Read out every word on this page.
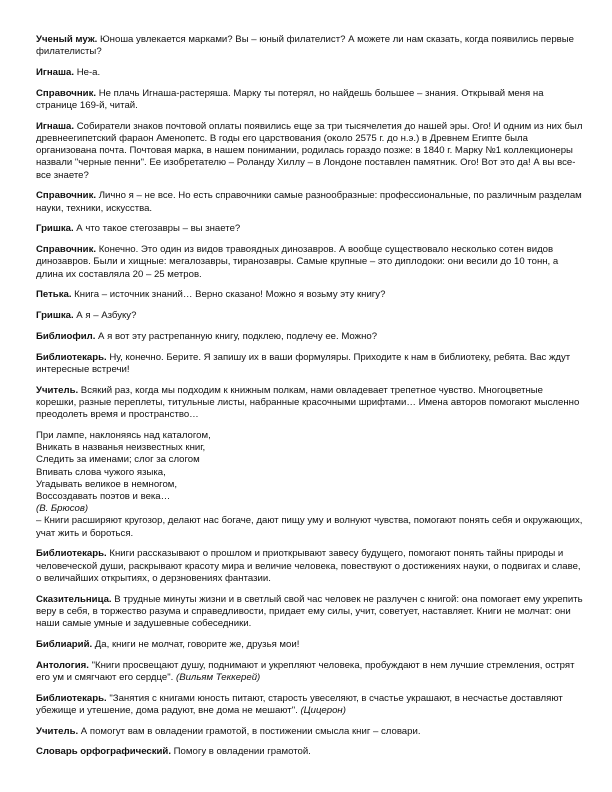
Ученый муж. Юноша увлекается марками? Вы – юный филателист? А можете ли нам сказать, когда появились первые филателисты?

Игнаша. Не-а.

Справочник. Не плачь Игнаша-растеряша. Марку ты потерял, но найдешь большее – знания. Открывай меня на странице 169-й, читай.

Игнаша. Собиратели знаков почтовой оплаты появились еще за три тысячелетия до нашей эры. Ого! И одним из них был древнеегипетский фараон Аменопетс. В годы его царствования (около 2575 г. до н.э.) в Древнем Египте была организована почта. Почтовая марка, в нашем понимании, родилась гораздо позже: в 1840 г. Марку №1 коллекционеры назвали "черные пенни". Ее изобретателю – Роланду Хиллу – в Лондоне поставлен памятник. Ого! Вот это да! А вы все-все знаете?

Справочник. Лично я – не все. Но есть справочники самые разнообразные: профессиональные, по различным разделам науки, техники, искусства.

Гришка. А что такое стегозавры – вы знаете?

Справочник. Конечно. Это один из видов травоядных динозавров. А вообще существовало несколько сотен видов динозавров. Были и хищные: мегалозавры, тиранозавры. Самые крупные – это диплодоки: они весили до 10 тонн, а длина их составляла 20 – 25 метров.

Петька. Книга – источник знаний… Верно сказано! Можно я возьму эту книгу?

Гришка. А я – Азбуку?

Библиофил. А я вот эту растрепанную книгу, подклею, подлечу ее. Можно?

Библиотекарь. Ну, конечно. Берите. Я запишу их в ваши формуляры. Приходите к нам в библиотеку, ребята. Вас ждут интересные встречи!

Учитель. Всякий раз, когда мы подходим к книжным полкам, нами овладевает трепетное чувство. Многоцветные корешки, разные переплеты, титульные листы, набранные красочными шрифтами… Имена авторов помогают мысленно преодолеть время и пространство…

При лампе, наклоняясь над каталогом,
Вникать в названья неизвестных книг,
Следить за именами; слог за слогом
Впивать слова чужого языка,
Угадывать великое в немногом,
Воссоздавать поэтов и века…
(В. Брюсов)
– Книги расширяют кругозор, делают нас богаче, дают пищу уму и волнуют чувства, помогают понять себя и окружающих, учат жить и бороться.

Библиотекарь. Книги рассказывают о прошлом и приоткрывают завесу будущего, помогают понять тайны природы и человеческой души, раскрывают красоту мира и величие человека, повествуют о достижениях науки, о подвигах и славе, о величайших открытиях, о дерзновениях фантазии.

Сказительница. В трудные минуты жизни и в светлый свой час человек не разлучен с книгой: она помогает ему укрепить веру в себя, в торжество разума и справедливости, придает ему силы, учит, советует, наставляет. Книги не молчат: они наши самые умные и задушевные собеседники.

Библиарий. Да, книги не молчат, говорите же, друзья мои!

Антология. "Книги просвещают душу, поднимают и укрепляют человека, пробуждают в нем лучшие стремления, острят его ум и смягчают его сердце". (Вильям Теккерей)

Библиотекарь. "Занятия с книгами юность питают, старость увеселяют, в счастье украшают, в несчастье доставляют убежище и утешение, дома радуют, вне дома не мешают". (Цицерон)

Учитель. А помогут вам в овладении грамотой, в постижении смысла книг – словари.

Словарь орфографический. Помогу в овладении грамотой.
